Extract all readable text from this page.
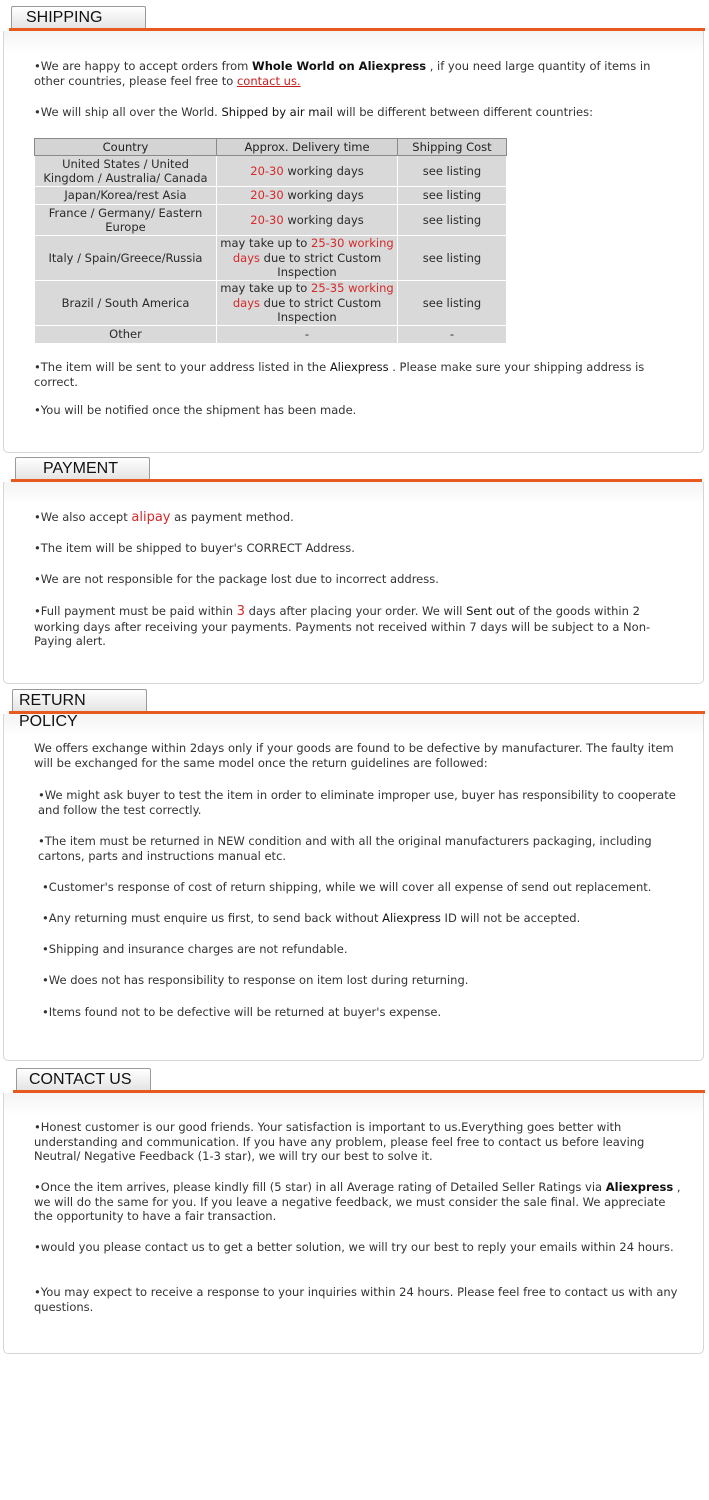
SHIPPING

•We are happy to accept orders from Whole World on Aliexpress , if you need large quantity of items in other countries, please feel free to contact us.

•We will ship all over the World. Shipped by air mail will be different between different countries:

Country	Approx. Delivery time	Shipping Cost
United States / United Kingdom / Australia/ Canada	20-30 working days	see listing
Japan/Korea/rest Asia	20-30 working days	see listing
France / Germany/ Eastern Europe	20-30 working days	see listing
Italy / Spain/Greece/Russia	may take up to 25-30 working days due to strict Custom Inspection	see listing
Brazil / South America	may take up to 25-35 working days due to strict Custom Inspection	see listing
Other	-	-

•The item will be sent to your address listed in the Aliexpress . Please make sure your shipping address is correct.

•You will be notified once the shipment has been made.

PAYMENT

•We also accept alipay as payment method.

•The item will be shipped to buyer's CORRECT Address.

•We are not responsible for the package lost due to incorrect address.

•Full payment must be paid within 3 days after placing your order. We will Sent out of the goods within 2 working days after receiving your payments. Payments not received within 7 days will be subject to a Non-Paying alert.

RETURN POLICY

We offers exchange within 2days only if your goods are found to be defective by manufacturer. The faulty item will be exchanged for the same model once the return guidelines are followed:

•We might ask buyer to test the item in order to eliminate improper use, buyer has responsibility to cooperate and follow the test correctly.

•The item must be returned in NEW condition and with all the original manufacturers packaging, including cartons, parts and instructions manual etc.

•Customer's response of cost of return shipping, while we will cover all expense of send out replacement.

•Any returning must enquire us first, to send back without Aliexpress ID will not be accepted.

•Shipping and insurance charges are not refundable.

•We does not has responsibility to response on item lost during returning.

•Items found not to be defective will be returned at buyer's expense.

CONTACT US

•Honest customer is our good friends. Your satisfaction is important to us.Everything goes better with understanding and communication. If you have any problem, please feel free to contact us before leaving Neutral/ Negative Feedback (1-3 star), we will try our best to solve it.

•Once the item arrives, please kindly fill (5 star) in all Average rating of Detailed Seller Ratings via Aliexpress , we will do the same for you. If you leave a negative feedback, we must consider the sale final. We appreciate the opportunity to have a fair transaction.

•would you please contact us to get a better solution, we will try our best to reply your emails within 24 hours.

•You may expect to receive a response to your inquiries within 24 hours. Please feel free to contact us with any questions.
